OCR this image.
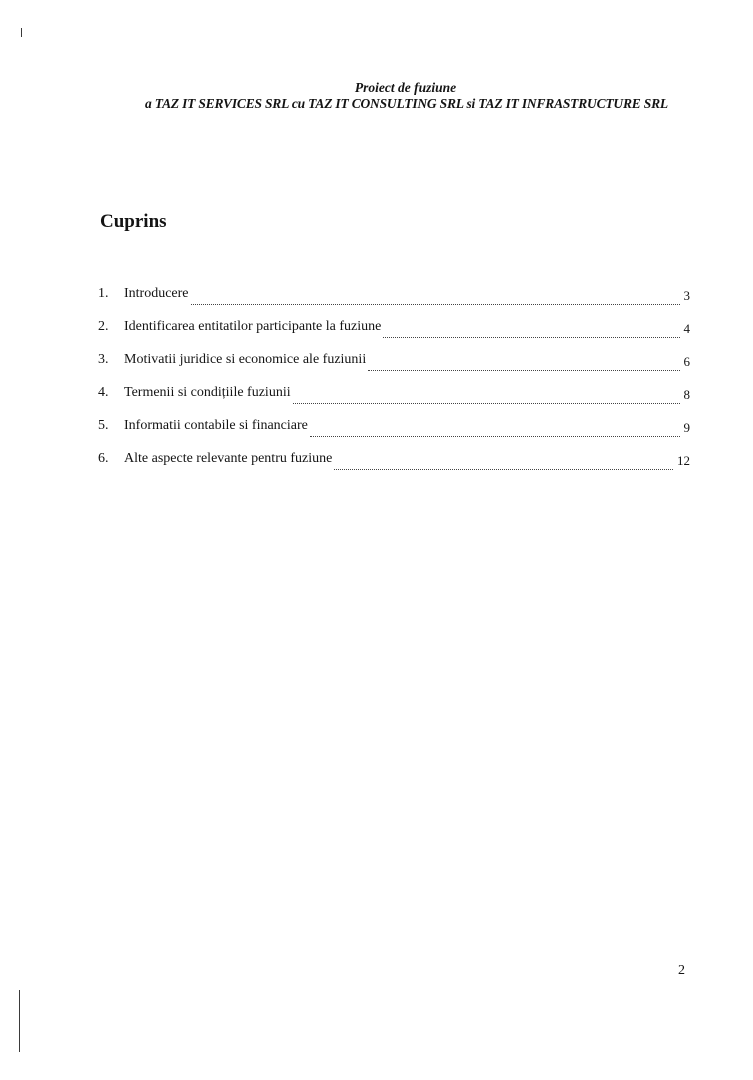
Proiect de fuziune
a TAZ IT SERVICES SRL cu TAZ IT CONSULTING SRL si TAZ IT INFRASTRUCTURE SRL
Cuprins
1.	Introducere	3
2.	Identificarea entitatilor participante la fuziune	4
3.	Motivatii juridice si economice ale fuziunii	6
4.	Termenii si condițiile fuziunii	8
5.	Informatii contabile si financiare	9
6.	Alte aspecte relevante pentru fuziune	12
2
